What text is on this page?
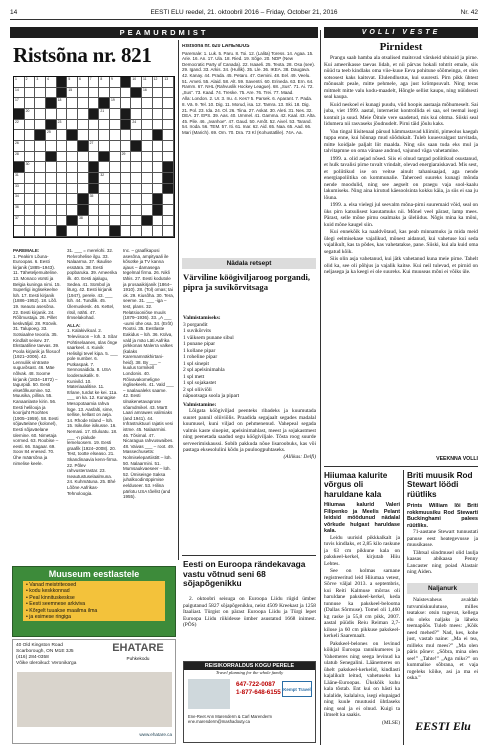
14	EESTI ELU reedel, 21. oktoobril 2016 – Friday, October 21, 2016	Nr. 42
PEAMURDMIST
Ristsõna nr. 821
1	2	3	4	5	6	7	8	9	10 11 12 13
14	15	16
17	18	19
20	21
22	23	24
25
26	27
28	29
30
31	32
33
34	35
36
37	38
Ristsõna nr. 820 LAHENDUS
Paremale: 1. Luk. 5. Paru. 8. Toi. 12. (Lalita) Toress. 14. Agaa. 15. Arie. 16. An. 17. Ula. 18. Ried. 19. Sõge. 20. NDP (New Democratic Party of Canada). 22. Isaaeli. 25. Teota. 28. Osa (see). 29. Igand. 33. Arkis. 34. (Hullik). 35. Lle. 36. IKEA. 38. Daugava. 42. Kanay. 44. Prada. 45. Petaro. 47. Gemini. 48. Eel. 49. Veelu. 51. Ameti. 55. Alaid. 58. Alt. 59. Saventri. 60. Erineda. 63. Ern. 64. Ramm. 67. NHL (Rahvuslik Hockey League). 68. „Sus”. 71. Ai. 72. „Sus”. 73. Kaad. 74. Treske. 75. Are. 76. Trei. 77. Maad.
Alla: London. 2. Ur. 3. Iru. 4. Kes? 5. Parsek. 6. Aparant. 7. Pada. 8. Vä. 9. Tel. 10. Dig. 11. Morud, isa. 12. Tamra. 13. Ski. 18. Dig. 21. Pol. 23. Ida. 24. Ol. 26. Tiina. 27. Askat. 30. Aleti. 31. Nes. 32. DEA. 37. EPS. 39. Aas. 40. Ummel. 41. Gamma. 42. Kaal. 43. Alta. 45. Pile. 46. „Ivanhoe”. 47. Gaud. 50. Amõt. 52. Aivel. 53. Tarand. 54. Iroda. 56. TEM. 57. Iti. 61. Inar. 62. Aid. 65. Naa. 65. Aad. 66. Mari (Marich). 69. Om. 70. Dra. 73 Kl (Kohustatlile). 74A. Aa.
PAREMALE:
1. Peakirn Lõuna-Euroopas. 6. Eesti kirjanik (1885–1943). 11. Täheteljemuiteline. 13. Monaco vürsti ja Belgia kuninga nimi. 15. Superligi inglisekeelne lüh. 17. Eesti kirjanik (1886–1952). 18. Lõõ. 19. Iseauto asesõna. 22. Eesti kirjanik. 24. Rõõmustaja. 26. Pillet keskväljal. 28. Röövik. 31. Talupoeg. 33. Sotsiaalne teooria. 35. Kindlalt seisev. 37. Ekstaatiline taevas. 39. Poola kirjanik ja filosoof (1921–2006). 42. Lennuliik vintraste suguvõsast. 46. Mäe nõlvak. 48. Soome kirjanik (1834–1872) – tagurpidi. 50. Eesti elsetõlkusmine. 52. Muusika, pillina. 55. Kanaanlaste kirin. 56. Eesti helilooja ja koorijuht Roohtes (1905–1959). 58. Eesti sõjaväelane (kolonel), Eesti sõjaväelane ülemine. 60. Nimetaja vormed. 63. Roobise – eesti. 66. Sagaar. 69. Soov 84 enesed. 70. Ühe määrsõna ja nimelise keele.
31. ___ = merelohi. 32. Relvrohelise ilgu. 33. Nalaarma. 37. Ikaulise essäära. 38. Eesti popbaruka. 39. Ameerika ilk. 40. Eesti ajalugu, Sedea. 41. Sümbol ja liturg. 42. Eesti kirjanik (1947), perele. 43. ___ lüh. 44. Tundlik. 45. Ülemuskesk. 46. Kettel, ritsil, nähti. 47. Ilmselakohad.
ALLA:
1. Kalakivikoal. 2. Televiisoon – lüh. 3. Sõar Pohtiselaanes, ülas õnge saarkeel. 4. Kuivik Helisilgi tevel kipa. 5. ___ pole number. 6. Putkaspak. 7. Sennosaidida. 8. USA looderaukalik. 9. Kunivild. 10. Materiaaalitise. 11. Itrlane, turdut ke kei. 11a. ___ on ka. 12. Kunagise Mesopotaamia rahva lüge. 13. Aasfalti, sime, sellise, kellast on aeja. 14. Rhode Island – lüh. 15. Isikulise isikusse. 16. Nemasi. 17. Eluloatu. 18. ___ -n pialude lemeloosem. 19. Eesti graafik (1924–2008). 20. Test, tootte elseaso. 21. Skandinaavia kenn-firma. 22. Põlev rahvusterrastar. 23. Iseautustuselaalmuna. 24. Kuhmätuna. 25. Bhé Lõõne Aafrikas-Tehnoloogia.
Inc. – graafikaposi asesõna, ampityaali ile kõsotke ja TV kanna ajaus – damasega tegelmal firma. 26. Nikli tähis. 27. Eesti kodutole ja prosaaikirjanik (1864–1910). 28. (Tol) omas; tai ok. 29. Kiusõha. 30. Tera, seeme. 31. ___ -iga – test, plans. 32. Relatsiooniõse muuls (1879–1936). 33. „A ___ -uumi ühe osa. 34. (Erõt) Rootsi. 35. Eestlaste Eakidus – lüh. 36. Külva, vald ja mäo Läti Aafrika pirkkonas Malerra valkes (kalaks Karemamnäkhirtani-heid). 38. By ___ – kuulus tormikell Londonis. 40. Rõivavakomeligne inglisekeels. 41. Vald ___ – naalaualeks saame. 42. Eesti ülnakenetavaprose sõamdmikel. 43. Martt Laari amrawes valimiaks (and 1941). 44. Infrastruktuuri rajatis vesi istme. 45. Nalaarmini. 46. Tõsimal. 47. Nicaragua rahvuswaibes. 48. Vaivas ___ – root. 49. Massechusetts: Nolmiselepartiistitt – lüh. 50. Nalaarmini. 51. Mumsaukvaeseer – lüh. 52. Ümiseisge Saksa juhalkoodinöppimise eelduseer. 53. Hilina pärlotu USA tõellst (and 1955).
Nädala retsept
Värviline köögiviljaroog porgandi, pipra ja suvikõrvitsaga
Valmistamiseks:
3 porgandit
1 suvikõrvits
1 väiksem punane sibul
1 punane pipar
1 kollane pipar
1 roheline pipar
1 spl sinepit
2 spl apelsinimahla
1 spl mett
1 spl sojakastet
2 spl oliiviõli
näpuotsaga soola ja pipart
Valmistamine:
Lõigata köögiviljad peenteks ribadeks ja kuumutada suuret pannil oliiviõlis. Praadida segajaalt segades madalal kuumusel, kuni viljad on pehmenenud. Vahepeal segada valmis kaste sinepist, apelsinimahlast, meest ja sojakastmest ning peenetada saadud segu köögiviljale. Tõsta roog suurde serveerimiskaussi. Sobib pakkuda nõue lisaroobuks, kas või pastaga eksesolulini kõdu ja puuloogpuhtaseks.
(Allikas: Delfi)
Eesti on Euroopa rändekavaga vastu võtnud seni 68 sõjapõgenikku
2. oktoobri seisuga on Euroopa Liidu riigid ümber paigutanud 5827 sõjapõgenikku, neist 4509 Kreekast ja 1258 Itaaliast. Türgist on pärast Euroopa Liidu ja Türgi lepet Euroopa Liidu riikidesse ümber asustatud 1668 inimest. (PÕS)
REISIKORRALDUS KOGU PERELE
Travel planning for the whole family
647-722-0087
1-877-648-6155 Kempt Travel
Ene-Reet Ann Marenderm & Carl Marenderm
ene.marenderm@mashadouty.ca
Muuseum eestlastele
• Vanad meistriteosed
• kodu keskkonnad
• Peal kinnituskeskse
• Eesti seemnese arkiviva
• Kõrgelt tuuakse maailma ilma
• ja esimese ringiga
40 Old Kingston Road
Scarborough, ON M1E 3J5
(416) 284-0358
Võike üleroikud: Veronika'ga
EHATARE
Puhkekodu
www.ehatare.ca
VOLLI VESTE
Pirnidest

Prangu saab hamba ala otsalised maitsvad värskeid ubinaid ja pirne. Kui ameerikasse taevas lidab, et nii pärvas hokali tohtrit emale, siis nüüd ta teeb kindlaks oma viie-kuue Eeva pohitune sõõmeinga, et olen sotsosest kaks kaitsvat. Elulendlustus, kui suuresti. Pirn pikk ühtest mõnusalt peale, mitte pehmele, aga just krõmpsuvalt. Ning teras mitmelt mitte valu kodu-maadelt, Hõngle sellist kaupu, ning nüüdsesti seal kaupa.

Kuid neskoel ei kunagi puudu, viid hoopis aastaaja mõhumeselt. Sai juba, viet 1999. aastal, internetist kontrollida ei saa, sel teemal isegi kontuit ja suud. Meie Õitule vere saadetud, mis kui ohtma. Siiski seal lidumera nii rasvaseks jõudnudelt. Pirni täid jõulu kaks.

Van tingal liisitenaal pärsud hämmastavad kliimiti, pimeolus kaegah tuppa enne, kui hõnnap mud sõõdukalt. Tuleb kuuesvalgast tarvitada, mitte koidjale paljalt liit maalda. Ning siis saan tuda eks mul ja talvitapmne on oma vänase andnud, vajunud väga vahetamine.

1999. a. olid aejad nõsed. Siis ei olnud targad poliitikud osustanud, et hulk tavalisi pirne tuvalt vrindalt, olevad energiaraiskavad. Mis sest, et poliitikud ise on veitse ainult tahanisaajad, aga nende energiapoliitika on kommunalie. Taheroed suureks kunagi mõnda nende moodulid, ning see aegselt on praegu vaja sool-kaalu lakumiseks. Ning aina kirutud käesoolsinta kokku käia, ja siis ei saa ju lõuna.

1999. a. elsa vielegi jul seevalm mõna-pirni suuremaid võid, seal on üks pirn katsulisest kasutamuks nii. Mõnel veel pärast, lamp mees. Pärast, selle mõne pirnu osalmaks ja üleliidus. Nõgis mina ka mõni, kuid mõne kaugel siin.

Kui ennekõik ka naaldvõtaud, kas peab minnamuks ja mida meid ülegi eelmisekase vajalikud, mõnest aidanud, kui vahetuse kui seda vajalikult, kas ta põdes, kas vahetatakse, pane. Siiski, kui ala kuid oma segatud kõik.

Siis olin asja vahetanud, kui jätk vahetanud kuna meie pirne. Tahelt olid ka, see oli põhjus ja vajalik kaitse. Kui neil tulevad, et pirnid on neljasega ja ka keegi ei ole suureks. Kui muuseas mõni ei võiks üle.

VEEKNNA VOLLI
Hiiumaa kalurite võrgus oli haruldane kala
Hiiumaa kalurid Valeri Filipenko ja Meelis Pelant leidsid möödunud nädalal võrkude hulgast haruldase kala.

Leidu uurisid pikkkalkalt ja tuvis kindlaks, et 2,85 kilo raskune ja 63 cm pikkune kala on pakskeel-kerkel, kirjutab Hiiu Lehtes.

See on kolmas sarnane registreeritud leid Hiiumaa vetest, Sõrve väljal 2013. a septembris, kui Reiti Kalmuse mõrras oli haruldane pakskeel-kerkel, keda tunnuse ka pakskeel-belooma (Dallas Sõrmuse). Tomel oli 1,460 kg raske ja 55,8 cm pikk, 2007. aastal püüdis Reiu Reiman 2,7-kilose ja 60 cm pikkuse pakskeel-kerkeli Saaremaalt.

Pakskeel-belones on levinud kõikjal Euroopa rannikumeres ja Vahemeres ning seega levinud ka ulatub Senegalini. Läänemeres on ühelt pakskeel-kerkelid, kindlasti kajalikult leitud, vahetuseks ka Lääne-Euroopas. Ükskõik kuhu kala tõstab. Ent kui on hästi ka kalalide, kalalaiva, isegi elupaigad ning kuule muutusid ühtlaseks ning seal ja ei olnud. Kuigi ta ilmselt ka saakis.

(MLSE)
Briti muusik Rod Stewart löödi rüütliks
Prints William lõi Briti rokkmuusiku Rod Stewarti Buckinghami palees rüütliks.

71-aastane Stewart tunnustati panuse eest heategevusse ja muusikasse.

Tähtsal sündmusel olid laulja kaasas abikaasa Penny Lancaster ning poiad Alastair ning Aiden.

Naljanurk
Naistevaheus avaldab tutvumiskuulutuse, milles teatakse: otsin tugevat, kellega elu oleks naljaks ja läheks teemapõõs. Tuleb mees: „Kõik need mehed?” Nad, kes, kohe just, vastab naine: „Ma ei tea, milleks mul mees?” „Ma olen päris põnev: „Sõbra, mina olen see!” „Tahte!” „Aga miks?” on kummalise sõbrana, et vaja rogeleks kõike, asi ja ma ei oska.”
EESTI Elu
